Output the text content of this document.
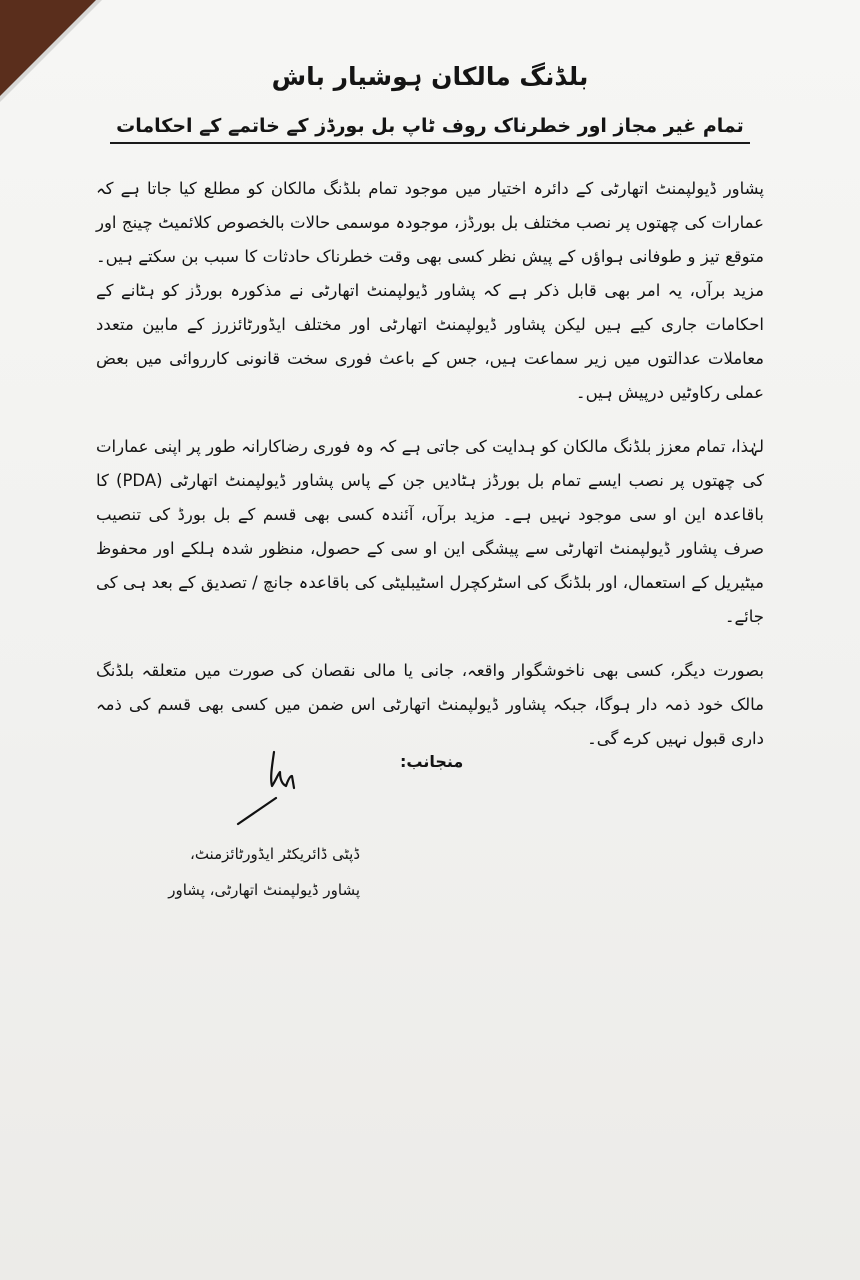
بلڈنگ مالکان ہوشیار باش
تمام غیر مجاز اور خطرناک روف ٹاپ بل بورڈز کے خاتمے کے احکامات

پشاور ڈیولپمنٹ اتھارٹی کے دائرہ اختیار میں موجود تمام بلڈنگ مالکان کو مطلع کیا جاتا ہے کہ عمارات کی چھتوں پر نصب مختلف بل بورڈز، موجودہ موسمی حالات بالخصوص کلائمیٹ چینج اور متوقع تیز و طوفانی ہواؤں کے پیش نظر کسی بھی وقت خطرناک حادثات کا سبب بن سکتے ہیں۔ مزید برآں، یہ امر بھی قابل ذکر ہے کہ پشاور ڈیولپمنٹ اتھارٹی نے مذکورہ بورڈز کو ہٹانے کے احکامات جاری کیے ہیں لیکن پشاور ڈیولپمنٹ اتھارٹی اور مختلف ایڈورٹائزرز کے مابین متعدد معاملات عدالتوں میں زیر سماعت ہیں، جس کے باعث فوری سخت قانونی کارروائی میں بعض عملی رکاوٹیں درپیش ہیں۔

لہٰذا، تمام معزز بلڈنگ مالکان کو ہدایت کی جاتی ہے کہ وہ فوری رضاکارانہ طور پر اپنی عمارات کی چھتوں پر نصب ایسے تمام بل بورڈز ہٹادیں جن کے پاس پشاور ڈیولپمنٹ اتھارٹی (PDA) کا باقاعدہ این او سی موجود نہیں ہے۔ مزید برآں، آئندہ کسی بھی قسم کے بل بورڈ کی تنصیب صرف پشاور ڈیولپمنٹ اتھارٹی سے پیشگی این او سی کے حصول، منظور شدہ ہلکے اور محفوظ میٹیریل کے استعمال، اور بلڈنگ کی اسٹرکچرل اسٹیبلیٹی کی باقاعدہ جانچ / تصدیق کے بعد ہی کی جائے۔

بصورت دیگر، کسی بھی ناخوشگوار واقعہ، جانی یا مالی نقصان کی صورت میں متعلقہ بلڈنگ مالک خود ذمہ دار ہوگا، جبکہ پشاور ڈیولپمنٹ اتھارٹی اس ضمن میں کسی بھی قسم کی ذمہ داری قبول نہیں کرے گی۔

منجانب:
ڈپٹی ڈائریکٹر ایڈورٹائزمنٹ،
پشاور ڈیولپمنٹ اتھارٹی، پشاور
